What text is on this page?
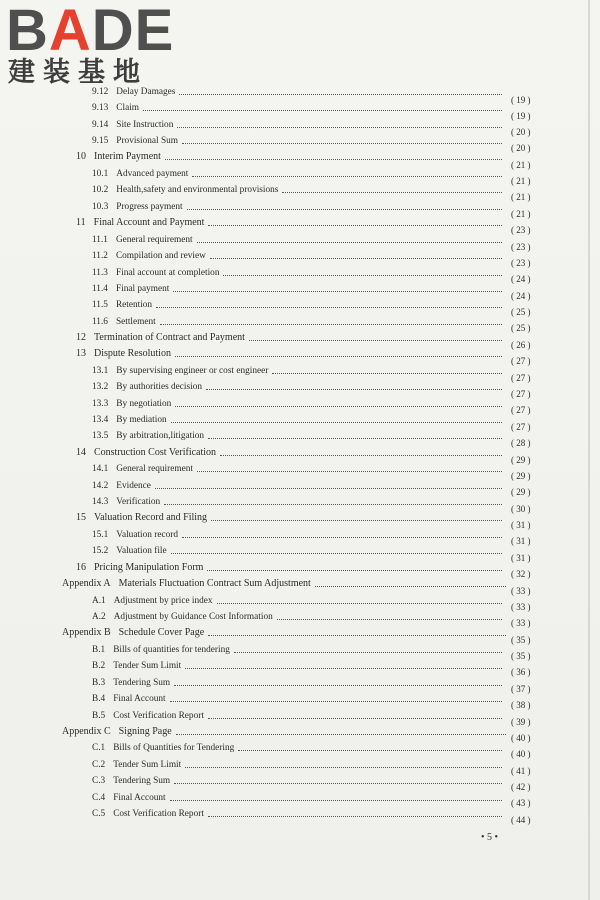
BADE
建装基地
9.12 Delay Damages
( 19 )
9.13 Claim
( 19 )
9.14 Site Instruction
( 20 )
9.15 Provisional Sum
( 20 )
10 Interim Payment
( 21 )
10.1 Advanced payment
( 21 )
10.2 Health,safety and environmental provisions
( 21 )
10.3 Progress payment
( 21 )
11 Final Account and Payment
( 23 )
11.1 General requirement
( 23 )
11.2 Compilation and review
( 23 )
11.3 Final account at completion
( 24 )
11.4 Final payment
( 24 )
11.5 Retention
( 25 )
11.6 Settlement
( 25 )
12 Termination of Contract and Payment
( 26 )
13 Dispute Resolution
( 27 )
13.1 By supervising engineer or cost engineer
( 27 )
13.2 By authorities decision
( 27 )
13.3 By negotiation
( 27 )
13.4 By mediation
( 27 )
13.5 By arbitration,litigation
( 28 )
14 Construction Cost Verification
( 29 )
14.1 General requirement
( 29 )
14.2 Evidence
( 29 )
14.3 Verification
( 30 )
15 Valuation Record and Filing
( 31 )
15.1 Valuation record
( 31 )
15.2 Valuation file
( 31 )
16 Pricing Manipulation Form
( 32 )
Appendix A Materials Fluctuation Contract Sum Adjustment
( 33 )
A.1 Adjustment by price index
( 33 )
A.2 Adjustment by Guidance Cost Information
( 33 )
Appendix B Schedule Cover Page
( 35 )
B.1 Bills of quantities for tendering
( 35 )
B.2 Tender Sum Limit
( 36 )
B.3 Tendering Sum
( 37 )
B.4 Final Account
( 38 )
B.5 Cost Verification Report
( 39 )
Appendix C Signing Page
( 40 )
C.1 Bills of Quantities for Tendering
( 40 )
C.2 Tender Sum Limit
( 41 )
C.3 Tendering Sum
( 42 )
C.4 Final Account	( 43 )
C.5 Cost Verification Report
( 44 )
• 5 •
